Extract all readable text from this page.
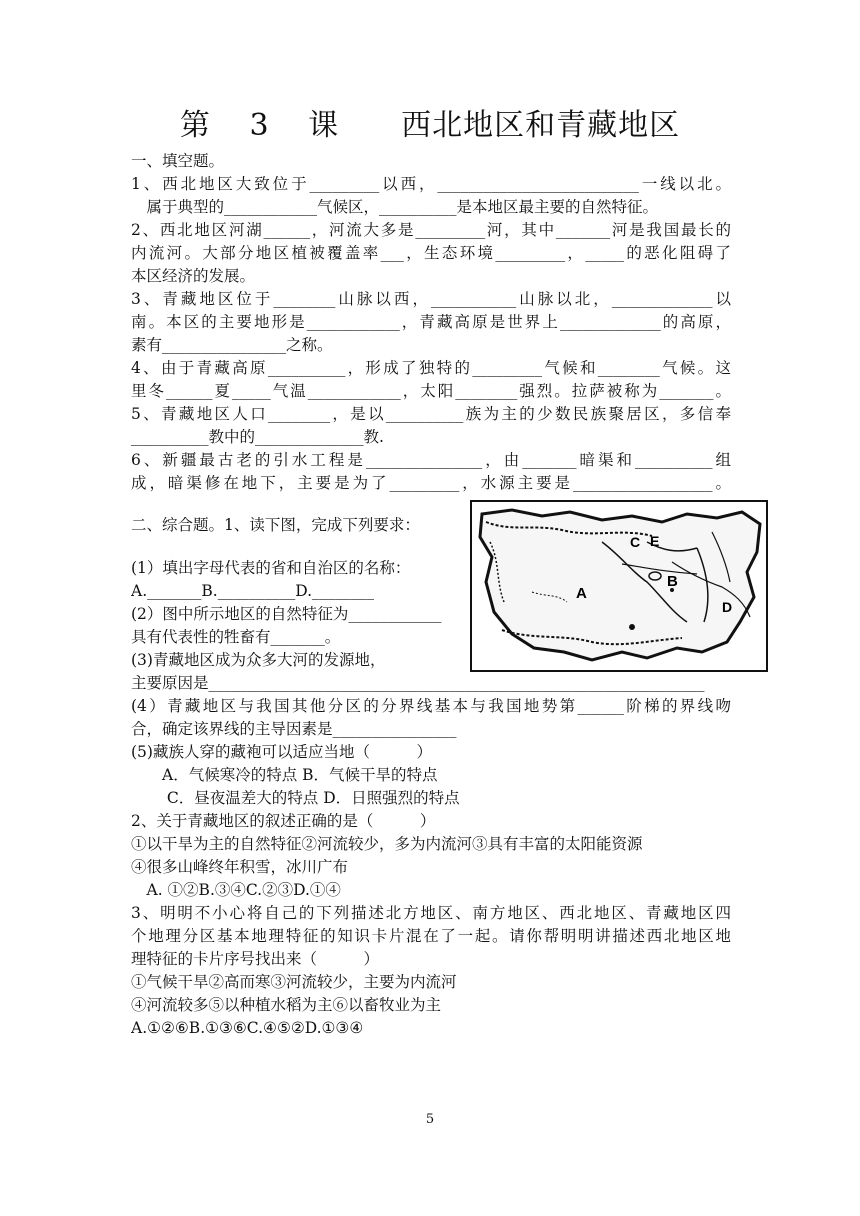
第 3 课　　西北地区和青藏地区
一、填空题。
1、西北地区大致位于_________以西，__________________________一线以北。
　属于典型的____________气候区，__________是本地区最主要的自然特征。
2、西北地区河湖______，河流大多是_________河，其中_______河是我国最长的
内流河。大部分地区植被覆盖率___，生态环境_________，_____的恶化阻碍了
本区经济的发展。
3、青藏地区位于________山脉以西，___________山脉以北，_____________以
南。本区的主要地形是____________，青藏高原是世界上_____________的高原，
素有________________之称。
4、由于青藏高原__________，形成了独特的_________气候和________气候。这
里冬______夏_____气温____________，太阳________强烈。拉萨被称为_______。
5、青藏地区人口________，是以__________族为主的少数民族聚居区，多信奉
__________教中的______________教.
6、新疆最古老的引水工程是_______________，由_______暗渠和__________组
成，暗渠修在地下，主要是为了_________，水源主要是__________________。
二、综合题。1、读下图，完成下列要求：
(1）填出字母代表的省和自治区的名称：
A._______B.__________D.________
(2）图中所示地区的自然特征为____________
具有代表性的牲畜有_______。
(3)青藏地区成为众多大河的发源地，
主要原因是________________________________________________________________
(4）青藏地区与我国其他分区的分界线基本与我国地势第______阶梯的界线吻
合，确定该界线的主导因素是________________
(5)藏族人穿的藏袍可以适应当地（　　　）
　　A．气候寒冷的特点 B．气候干旱的特点
　　 C．昼夜温差大的特点 D．日照强烈的特点
2、关于青藏地区的叙述正确的是（　　　）
①以干旱为主的自然特征②河流较少，多为内流河③具有丰富的太阳能资源
④很多山峰终年积雪，冰川广布
　A. ①②B.③④C.②③D.①④
3、明明不小心将自己的下列描述北方地区、南方地区、西北地区、青藏地区四
个地理分区基本地理特征的知识卡片混在了一起。请你帮明明讲描述西北地区地
理特征的卡片序号找出来（　　　）
①气候干旱②高而寒③河流较少，主要为内流河
④河流较多⑤以种植水稻为主⑥以畜牧业为主
A.①②⑥B.①③⑥C.④⑤②D.①③④
A
B
C
D
E
5
